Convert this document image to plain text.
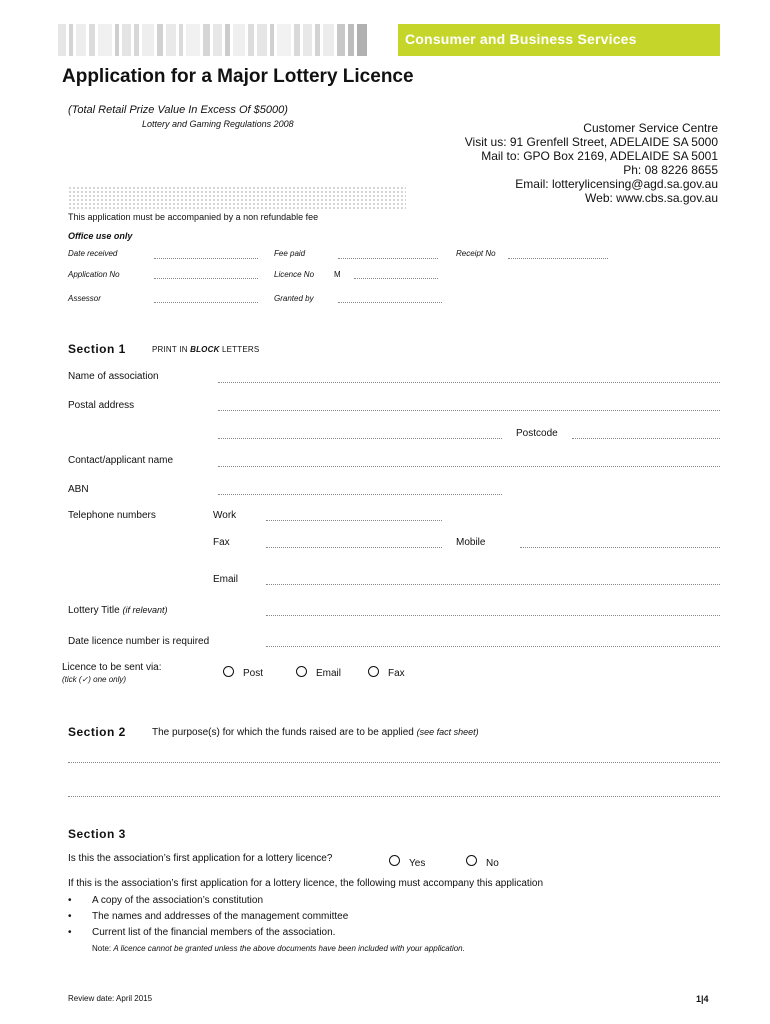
Consumer and Business Services
Application for a Major Lottery Licence
(Total Retail Prize Value In Excess Of $5000)
Lottery and Gaming Regulations 2008	Customer Service Centre
Visit us: 91 Grenfell Street, ADELAIDE SA 5000
Mail to: GPO Box 2169, ADELAIDE SA 5001
Ph: 08 8226 8655
Email: lotterylicensing@agd.sa.gov.au
Web: www.cbs.sa.gov.au
This application must be accompanied by a non refundable fee
Office use only
Date received	Fee paid	Receipt No
Application No	Licence No M
Assessor	Granted by
Section 1	PRINT IN BLOCK LETTERS
Name of association
Postal address
Postcode
Contact/applicant name
ABN
Telephone numbers	Work
Fax	Mobile
Email
Lottery Title (if relevant)
Date licence number is required
Licence to be sent via:
(tick (✓) one only)
Post	Email	Fax
Section 2	The purpose(s) for which the funds raised are to be applied (see fact sheet)
Section 3
Is this the association’s first application for a lottery licence?	Yes	No
If this is the association’s first application for a lottery licence, the following must accompany this application
• A copy of the association’s constitution
• The names and addresses of the management committee
• Current list of the financial members of the association.
Note: A licence cannot be granted unless the above documents have been included with your application.
Review date: April 2015	1|4
